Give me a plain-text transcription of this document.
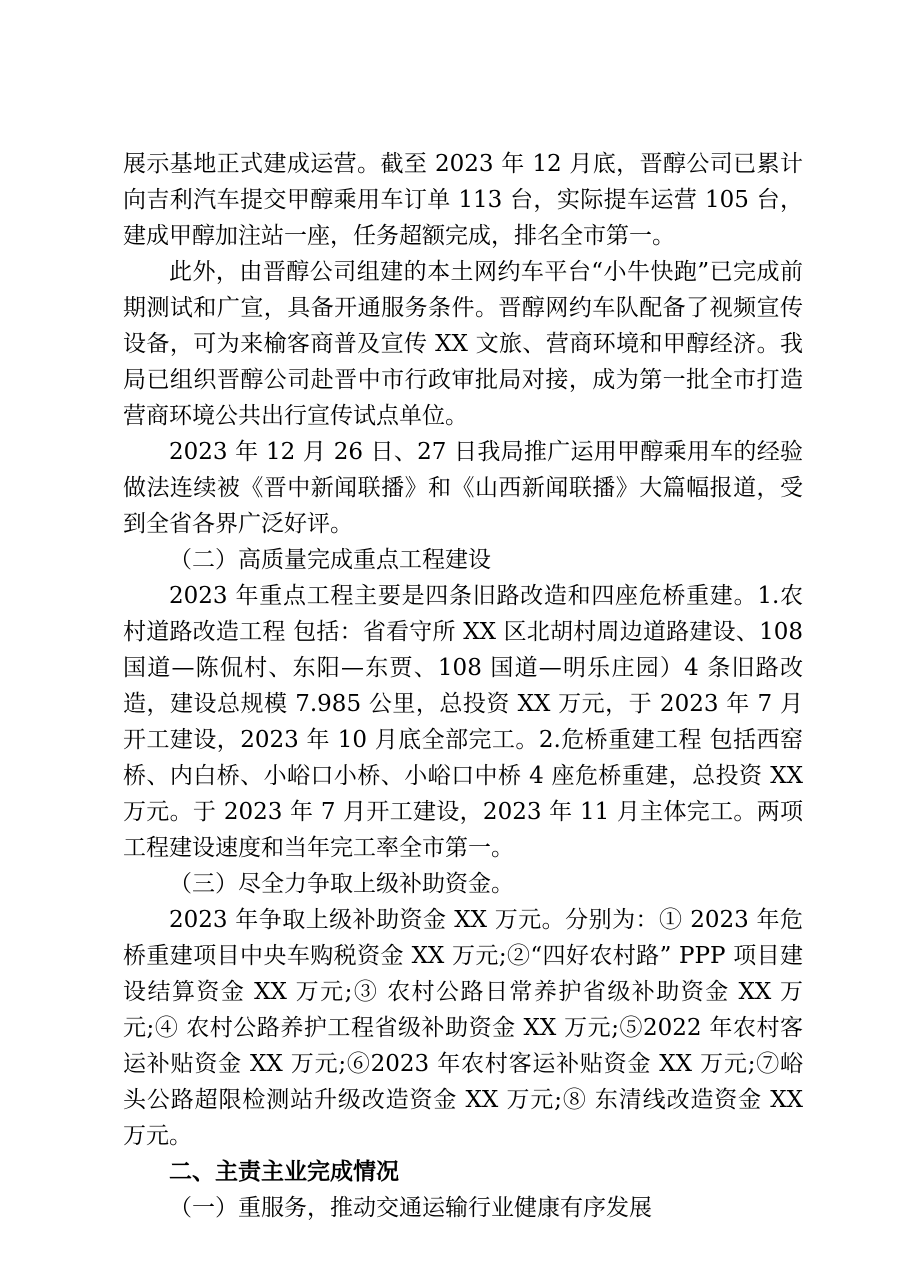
展示基地正式建成运营。截至 2023 年 12 月底，晋醇公司已累计向吉利汽车提交甲醇乘用车订单 113 台，实际提车运营 105 台，建成甲醇加注站一座，任务超额完成，排名全市第一。

此外，由晋醇公司组建的本土网约车平台“小牛快跑”已完成前期测试和广宣，具备开通服务条件。晋醇网约车队配备了视频宣传设备，可为来榆客商普及宣传 XX 文旅、营商环境和甲醇经济。我局已组织晋醇公司赴晋中市行政审批局对接，成为第一批全市打造营商环境公共出行宣传试点单位。

2023 年 12 月 26 日、27 日我局推广运用甲醇乘用车的经验做法连续被《晋中新闻联播》和《山西新闻联播》大篇幅报道，受到全省各界广泛好评。

（二）高质量完成重点工程建设

2023 年重点工程主要是四条旧路改造和四座危桥重建。1.农村道路改造工程 包括：省看守所 XX 区北胡村周边道路建设、108 国道—陈侃村、东阳—东贾、108 国道—明乐庄园）4 条旧路改造，建设总规模 7.985 公里，总投资 XX 万元，于 2023 年 7 月开工建设，2023 年 10 月底全部完工。2.危桥重建工程 包括西窑桥、内白桥、小峪口小桥、小峪口中桥 4 座危桥重建，总投资 XX 万元。于 2023 年 7 月开工建设，2023 年 11 月主体完工。两项工程建设速度和当年完工率全市第一。

（三）尽全力争取上级补助资金。

2023 年争取上级补助资金 XX 万元。分别为：① 2023 年危桥重建项目中央车购税资金 XX 万元;②“四好农村路” PPP 项目建设结算资金 XX 万元;③ 农村公路日常养护省级补助资金 XX 万元;④ 农村公路养护工程省级补助资金 XX 万元;⑤2022 年农村客运补贴资金 XX 万元;⑥2023 年农村客运补贴资金 XX 万元;⑦峪头公路超限检测站升级改造资金 XX 万元;⑧ 东清线改造资金 XX 万元。

二、主责主业完成情况

（一）重服务，推动交通运输行业健康有序发展
